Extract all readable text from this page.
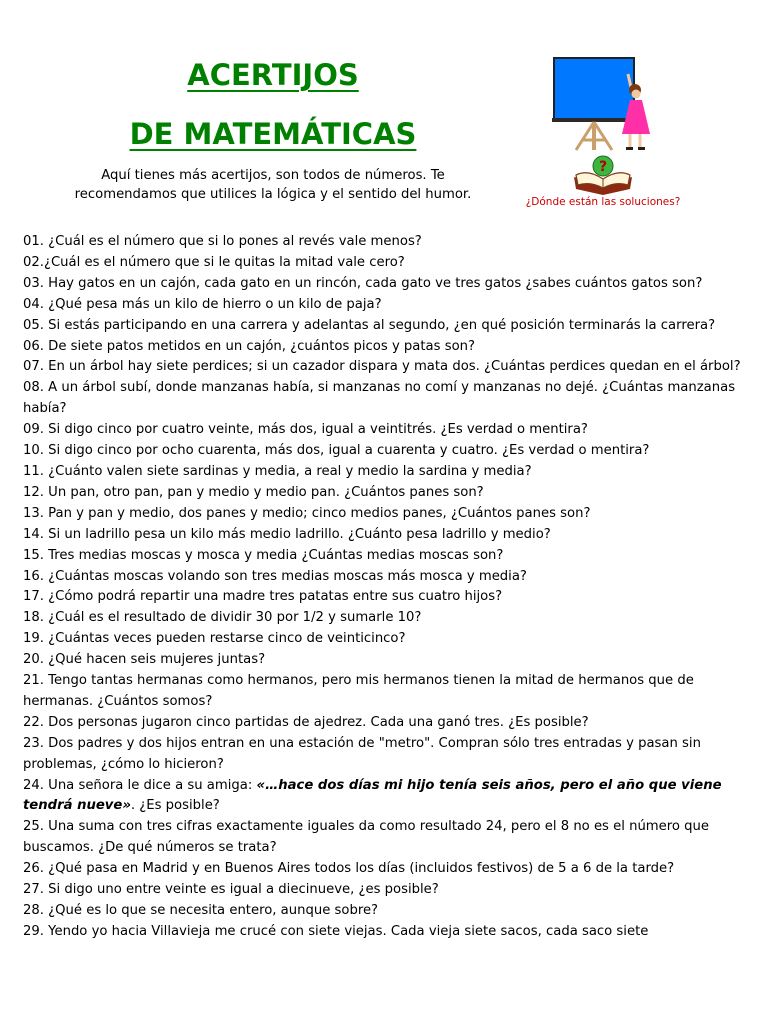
ACERTIJOS
DE MATEMÁTICAS

Aquí tienes más acertijos, son todos de números. Te
recomendamos que utilices la lógica y el sentido del humor.

?
¿Dónde están las soluciones?

01. ¿Cuál es el número que si lo pones al revés vale menos?

02.¿Cuál es el número que si le quitas la mitad vale cero?

03. Hay gatos en un cajón, cada gato en un rincón, cada gato ve tres gatos ¿sabes cuántos gatos son?

04. ¿Qué pesa más un kilo de hierro o un kilo de paja?

05. Si estás participando en una carrera y adelantas al segundo, ¿en qué posición terminarás la carrera?

06. De siete patos metidos en un cajón, ¿cuántos picos y patas son?

07. En un árbol hay siete perdices; si un cazador dispara y mata dos. ¿Cuántas perdices quedan en el árbol?

08. A un árbol subí, donde manzanas había, si manzanas no comí y manzanas no dejé. ¿Cuántas manzanas había?

09. Si digo cinco por cuatro veinte, más dos, igual a veintitrés. ¿Es verdad o mentira?

10. Si digo cinco por ocho cuarenta, más dos, igual a cuarenta y cuatro. ¿Es verdad o mentira?

11. ¿Cuánto valen siete sardinas y media, a real y medio la sardina y media?

12. Un pan, otro pan, pan y medio y medio pan. ¿Cuántos panes son?

13. Pan y pan y medio, dos panes y medio; cinco medios panes, ¿Cuántos panes son?

14. Si un ladrillo pesa un kilo más medio ladrillo. ¿Cuánto pesa ladrillo y medio?

15. Tres medias moscas y mosca y media ¿Cuántas medias moscas son?

16. ¿Cuántas moscas volando son tres medias moscas más mosca y media?

17. ¿Cómo podrá repartir una madre tres patatas entre sus cuatro hijos?

18. ¿Cuál es el resultado de dividir 30 por 1/2 y sumarle 10?

19. ¿Cuántas veces pueden restarse cinco de veinticinco?

20. ¿Qué hacen seis mujeres juntas?

21. Tengo tantas hermanas como hermanos, pero mis hermanos tienen la mitad de hermanos que de hermanas. ¿Cuántos somos?

22. Dos personas jugaron cinco partidas de ajedrez. Cada una ganó tres. ¿Es posible?

23. Dos padres y dos hijos entran en una estación de "metro". Compran sólo tres entradas y pasan sin problemas, ¿cómo lo hicieron?

24. Una señora le dice a su amiga: «…hace dos días mi hijo tenía seis años, pero el año que viene tendrá nueve». ¿Es posible?

25. Una suma con tres cifras exactamente iguales da como resultado 24, pero el 8 no es el número que buscamos. ¿De qué números se trata?

26. ¿Qué pasa en Madrid y en Buenos Aires todos los días (incluidos festivos) de 5 a 6 de la tarde?

27. Si digo uno entre veinte es igual a diecinueve, ¿es posible?

28. ¿Qué es lo que se necesita entero, aunque sobre?

29. Yendo yo hacia Villavieja me crucé con siete viejas. Cada vieja siete sacos, cada saco siete
